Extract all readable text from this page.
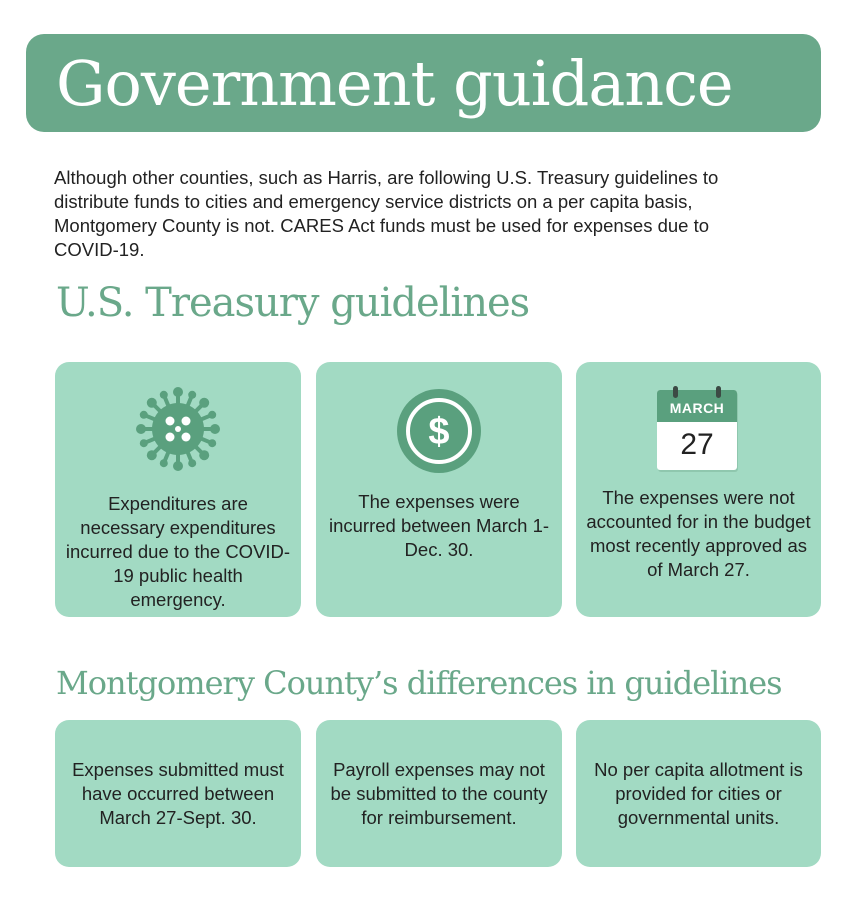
Government guidance

Although other counties, such as Harris, are following U.S. Treasury guidelines to distribute funds to cities and emergency service districts on a per capita basis, Montgomery County is not. CARES Act funds must be used for expenses due to COVID-19.

U.S. Treasury guidelines
Expenditures are necessary expenditures incurred due to the COVID-19 public health emergency.
$
The expenses were incurred between March 1-Dec. 30.
MARCH
27
The expenses were not accounted for in the budget most recently approved as of March 27.
Montgomery County’s differences in guidelines
Expenses submitted must have occurred between March 27-Sept. 30.
Payroll expenses may not be submitted to the county for reimbursement.
No per capita allotment is provided for cities or governmental units.
